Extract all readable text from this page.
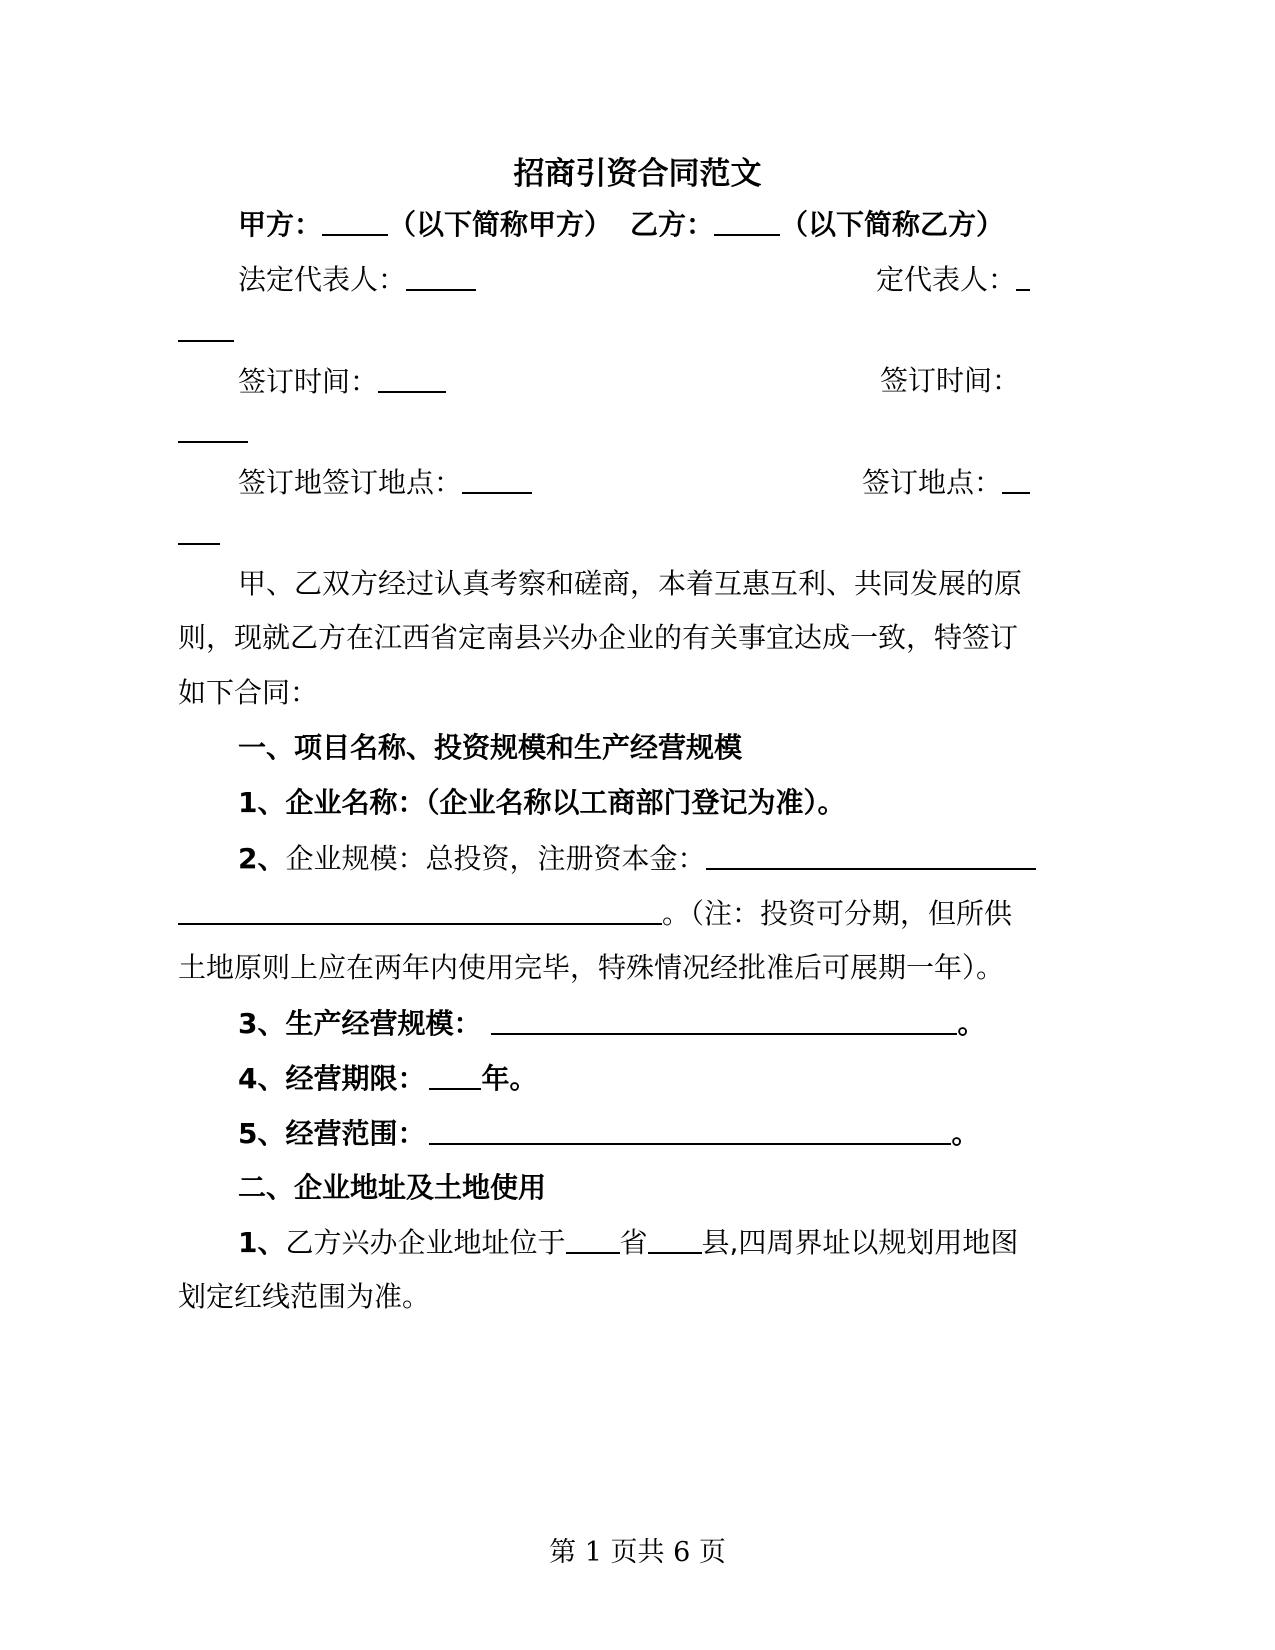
招商引资合同范文
甲方： （以下简称甲方） 乙方： （以下简称乙方）
法定代表人：	定代表人：
签订时间：	签订时间：
签订地签订地点：	签订地点：
甲、乙双方经过认真考察和磋商，本着互惠互利、共同发展的原
则，现就乙方在江西省定南县兴办企业的有关事宜达成一致，特签订
如下合同：
一、项目名称、投资规模和生产经营规模
1、企业名称：（企业名称以工商部门登记为准）。
2、企业规模：总投资，注册资本金：
。（注：投资可分期，但所供
土地原则上应在两年内使用完毕，特殊情况经批准后可展期一年）。
3、生产经营规模：	。
4、经营期限： 年。
5、经营范围：	。
二、企业地址及土地使用
1、乙方兴办企业地址位于 省 县,四周界址以规划用地图
划定红线范围为准。
第 1 页共 6 页
